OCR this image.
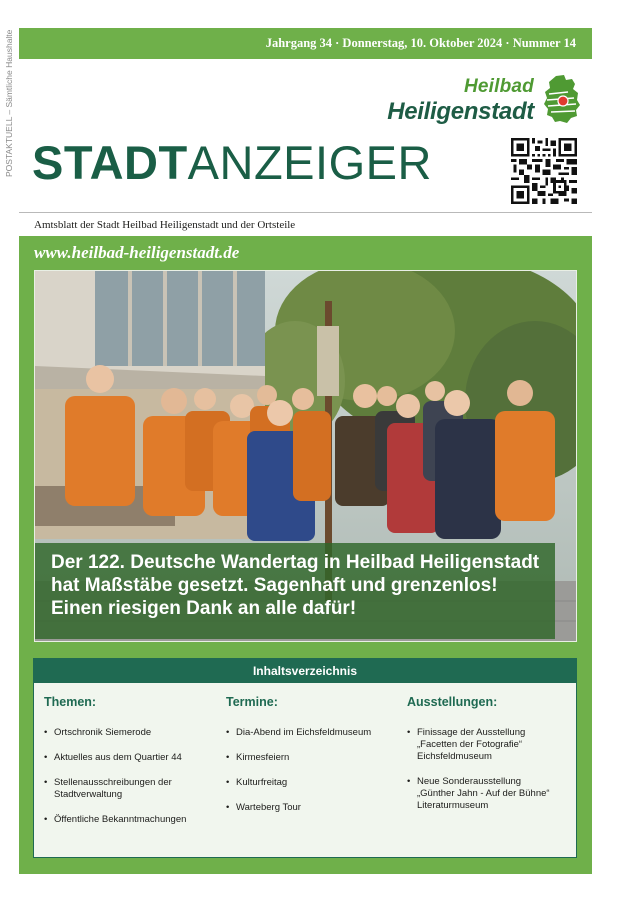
POSTAKTUELL – Sämtliche Haushalte	Jahrgang 34 · Donnerstag, 10. Oktober 2024 · Nummer 14
Heilbad
Heiligenstadt
STADTANZEIGER
Amtsblatt der Stadt Heilbad Heiligenstadt und der Ortsteile
www.heilbad-heiligenstadt.de
Der 122. Deutsche Wandertag in Heilbad Heiligenstadt
hat Maßstäbe gesetzt. Sagenhaft und grenzenlos!
Einen riesigen Dank an alle dafür!
Inhaltsverzeichnis
Themen:
• Ortschronik Siemerode
• Aktuelles aus dem Quartier 44
• Stellenausschreibungen der
Stadtverwaltung
• Öffentliche Bekanntmachungen
Termine:
• Dia-Abend im Eichsfeldmuseum
• Kirmesfeiern
• Kulturfreitag
• Warteberg Tour
Ausstellungen:
• Finissage der Ausstellung
„Facetten der Fotografie“
Eichsfeldmuseum
• Neue Sonderausstellung
„Günther Jahn - Auf der Bühne“
Literaturmuseum
